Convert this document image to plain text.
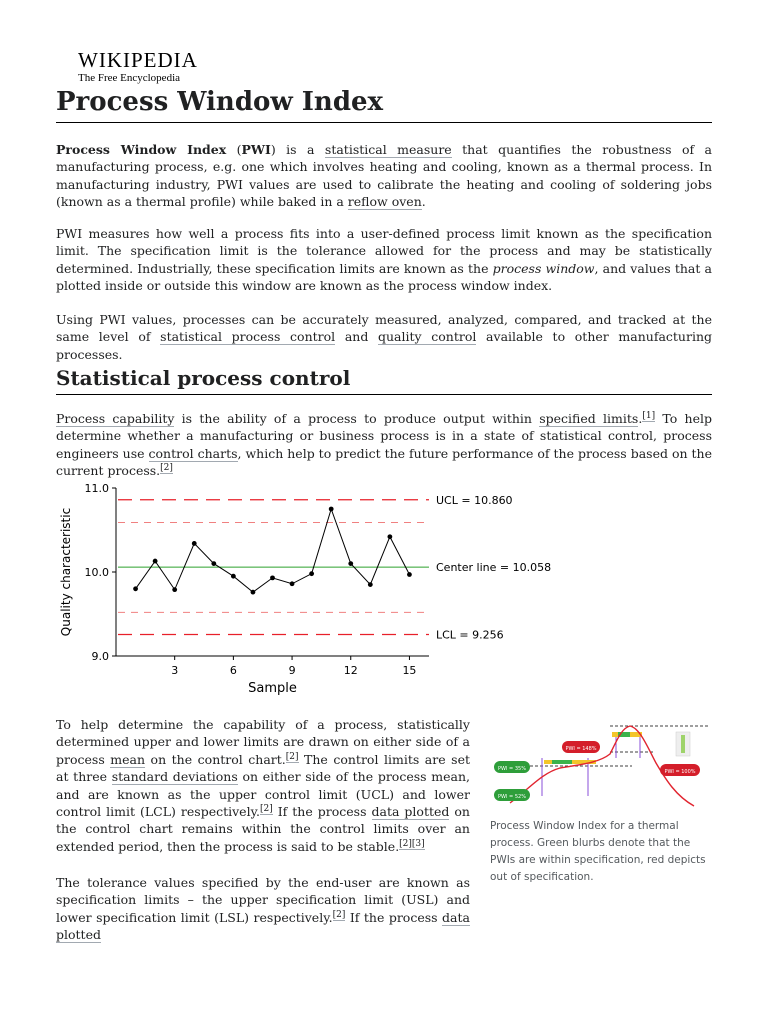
WIKIPEDIA
The Free Encyclopedia
Process Window Index

Process Window Index (PWI) is a statistical measure that quantifies the robustness of a manufacturing process, e.g. one which involves heating and cooling, known as a thermal process. In manufacturing industry, PWI values are used to calibrate the heating and cooling of soldering jobs (known as a thermal profile) while baked in a reflow oven.

PWI measures how well a process fits into a user-defined process limit known as the specification limit. The specification limit is the tolerance allowed for the process and may be statistically determined. Industrially, these specification limits are known as the process window, and values that a plotted inside or outside this window are known as the process window index.

Using PWI values, processes can be accurately measured, analyzed, compared, and tracked at the same level of statistical process control and quality control available to other manufacturing processes.

Statistical process control

Process capability is the ability of a process to produce output within specified limits.[1] To help determine whether a manufacturing or business process is in a state of statistical control, process engineers use control charts, which help to predict the future performance of the process based on the current process.[2]

9.0
10.0
11.0
3	6	9	12	15
UCL = 10.860
Center line = 10.058
LCL = 9.256
Sample
Quality characteristic

To help determine the capability of a process, statistically determined upper and lower limits are drawn on either side of a process mean on the control chart.[2] The control limits are set at three standard deviations on either side of the process mean, and are known as the upper control limit (UCL) and lower control limit (LCL) respectively.[2] If the process data plotted on the control chart remains within the control limits over an extended period, then the process is said to be stable.[2][3]

The tolerance values specified by the end-user are known as specification limits – the upper specification limit (USL) and lower specification limit (LSL) respectively.[2] If the process data plotted

PWI = 35%
PWI = 52%
PWI = 148%
PWI = 100%
Process Window Index for a thermal process. Green blurbs denote that the PWIs are within specification, red depicts out of specification.
